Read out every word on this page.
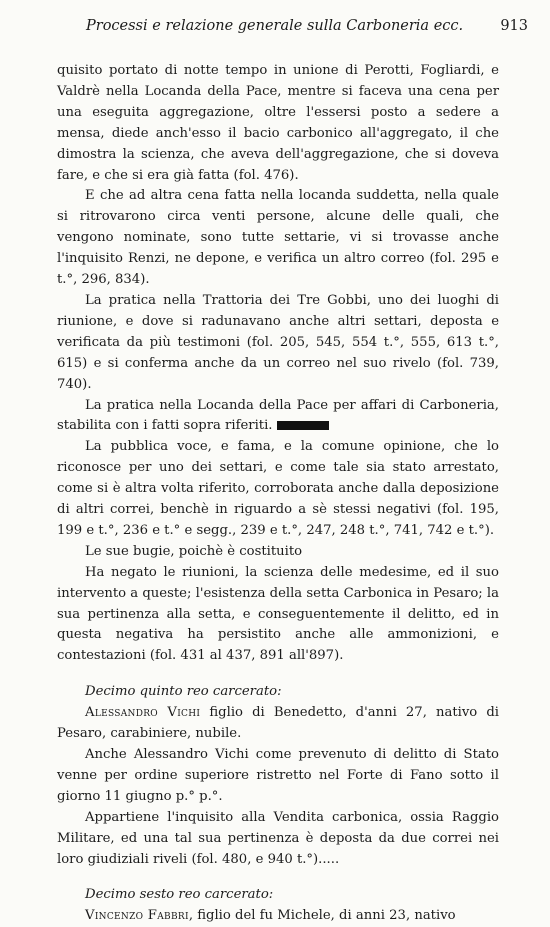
Processi e relazione generale sulla Carboneria ecc.	913

quisito portato di notte tempo in unione di Perotti, Fogliardi, e Valdrè nella Locanda della Pace, mentre si faceva una cena per una eseguita aggregazione, oltre l'essersi posto a sedere a mensa, diede anch'esso il bacio carbonico all'aggregato, il che dimostra la scienza, che aveva dell'aggregazione, che si doveva fare, e che si era già fatta (fol. 476).

E che ad altra cena fatta nella locanda suddetta, nella quale si ritrovarono circa venti persone, alcune delle quali, che vengono nominate, sono tutte settarie, vi si trovasse anche l'inquisito Renzi, ne depone, e verifica un altro correo (fol. 295 e t.°, 296, 834).

La pratica nella Trattoria dei Tre Gobbi, uno dei luoghi di riunione, e dove si radunavano anche altri settari, deposta e verificata da più testimoni (fol. 205, 545, 554 t.°, 555, 613 t.°, 615) e si conferma anche da un correo nel suo rivelo (fol. 739, 740).

La pratica nella Locanda della Pace per affari di Carboneria, stabilita con i fatti sopra riferiti.

La pubblica voce, e fama, e la comune opinione, che lo riconosce per uno dei settari, e come tale sia stato arrestato, come si è altra volta riferito, corroborata anche dalla deposizione di altri correi, benchè in riguardo a sè stessi negativi (fol. 195, 199 e t.°, 236 e t.° e segg., 239 e t.°, 247, 248 t.°, 741, 742 e t.°).

Le sue bugie, poichè è costituito

Ha negato le riunioni, la scienza delle medesime, ed il suo intervento a queste; l'esistenza della setta Carbonica in Pesaro; la sua pertinenza alla setta, e conseguentemente il delitto, ed in questa negativa ha persistito anche alle ammonizioni, e contestazioni (fol. 431 al 437, 891 all'897).

Decimo quinto reo carcerato:

Alessandro Vichi figlio di Benedetto, d'anni 27, nativo di Pesaro, carabiniere, nubile.

Anche Alessandro Vichi come prevenuto di delitto di Stato venne per ordine superiore ristretto nel Forte di Fano sotto il giorno 11 giugno p.° p.°.

Appartiene l'inquisito alla Vendita carbonica, ossia Raggio Militare, ed una tal sua pertinenza è deposta da due correi nei loro giudiziali riveli (fol. 480, e 940 t.°).....

Decimo sesto reo carcerato:

Vincenzo Fabbri, figlio del fu Michele, di anni 23, nativo
